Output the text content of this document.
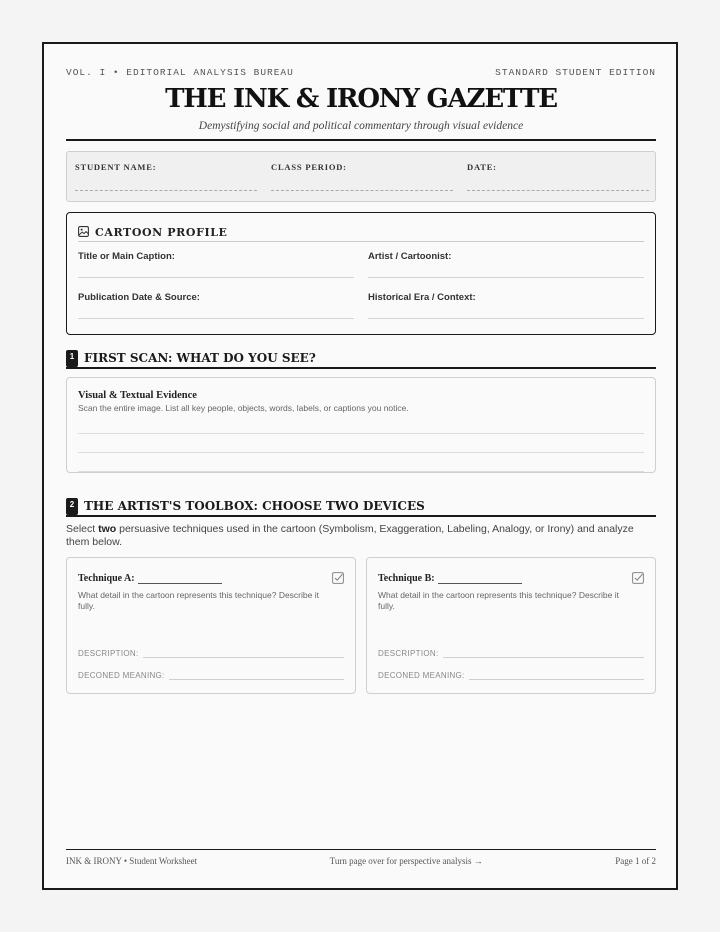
VOL. I • EDITORIAL ANALYSIS BUREAU	STANDARD STUDENT EDITION
THE INK & IRONY GAZETTE
Demystifying social and political commentary through visual evidence
STUDENT NAME:	CLASS PERIOD:	DATE:
CARTOON PROFILE
Title or Main Caption:	Artist / Cartoonist:
Publication Date & Source:	Historical Era / Context:
1 FIRST SCAN: WHAT DO YOU SEE?
Visual & Textual Evidence
Scan the entire image. List all key people, objects, words, labels, or captions you notice.
2 THE ARTIST'S TOOLBOX: CHOOSE TWO DEVICES
Select two persuasive techniques used in the cartoon (Symbolism, Exaggeration, Labeling, Analogy, or Irony) and analyze them below.
Technique A:
What detail in the cartoon represents this technique? Describe it fully.
DESCRIPTION:
DECONED MEANING:
Technique B:
What detail in the cartoon represents this technique? Describe it fully.
DESCRIPTION:
DECONED MEANING:
INK & IRONY • Student Worksheet	Turn page over for perspective analysis →	Page 1 of 2
